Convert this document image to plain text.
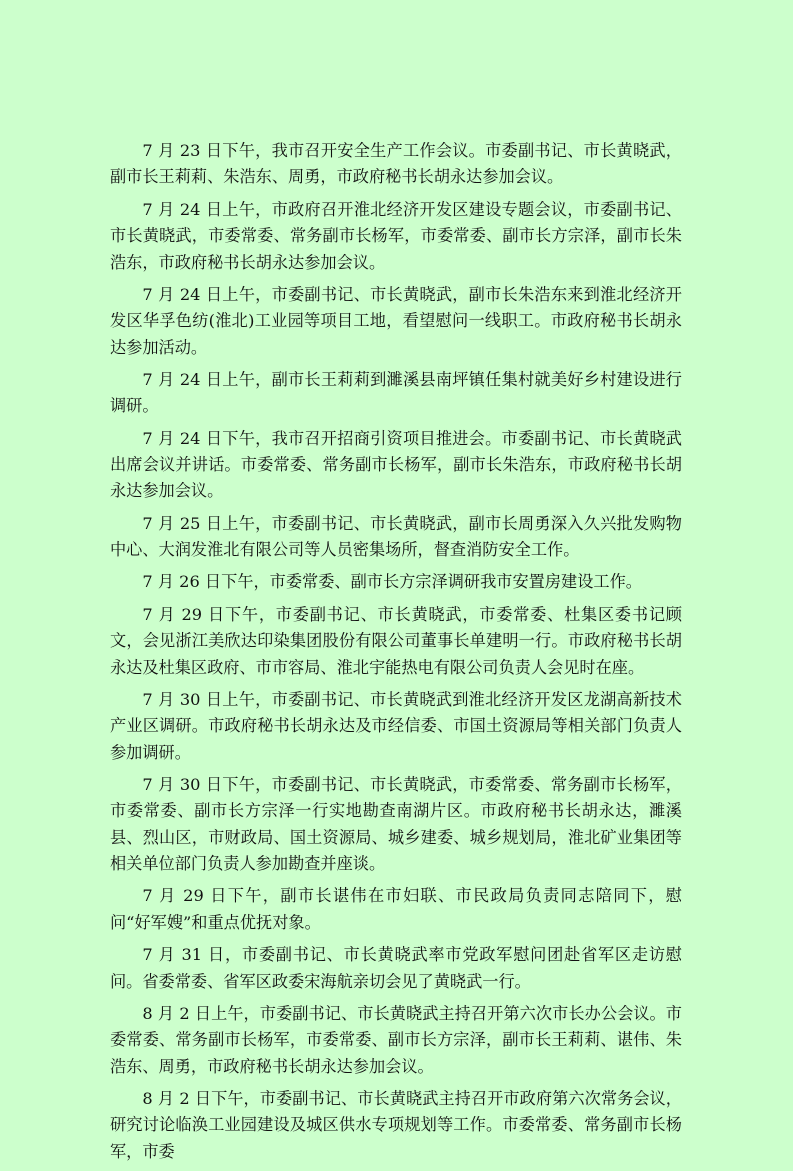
7 月 23 日下午，我市召开安全生产工作会议。市委副书记、市长黄晓武，副市长王莉莉、朱浩东、周勇，市政府秘书长胡永达参加会议。

7 月 24 日上午，市政府召开淮北经济开发区建设专题会议，市委副书记、市长黄晓武，市委常委、常务副市长杨军，市委常委、副市长方宗泽，副市长朱浩东，市政府秘书长胡永达参加会议。

7 月 24 日上午，市委副书记、市长黄晓武，副市长朱浩东来到淮北经济开发区华孚色纺(淮北)工业园等项目工地，看望慰问一线职工。市政府秘书长胡永达参加活动。

7 月 24 日上午，副市长王莉莉到濉溪县南坪镇任集村就美好乡村建设进行调研。

7 月 24 日下午，我市召开招商引资项目推进会。市委副书记、市长黄晓武出席会议并讲话。市委常委、常务副市长杨军，副市长朱浩东，市政府秘书长胡永达参加会议。

7 月 25 日上午，市委副书记、市长黄晓武，副市长周勇深入久兴批发购物中心、大润发淮北有限公司等人员密集场所，督查消防安全工作。

7 月 26 日下午，市委常委、副市长方宗泽调研我市安置房建设工作。

7 月 29 日下午，市委副书记、市长黄晓武，市委常委、杜集区委书记顾文，会见浙江美欣达印染集团股份有限公司董事长单建明一行。市政府秘书长胡永达及杜集区政府、市市容局、淮北宇能热电有限公司负责人会见时在座。

7 月 30 日上午，市委副书记、市长黄晓武到淮北经济开发区龙湖高新技术产业区调研。市政府秘书长胡永达及市经信委、市国土资源局等相关部门负责人参加调研。

7 月 30 日下午，市委副书记、市长黄晓武，市委常委、常务副市长杨军，市委常委、副市长方宗泽一行实地勘查南湖片区。市政府秘书长胡永达，濉溪县、烈山区，市财政局、国土资源局、城乡建委、城乡规划局，淮北矿业集团等相关单位部门负责人参加勘查并座谈。

7 月 29 日下午，副市长谌伟在市妇联、市民政局负责同志陪同下，慰问“好军嫂”和重点优抚对象。

7 月 31 日，市委副书记、市长黄晓武率市党政军慰问团赴省军区走访慰问。省委常委、省军区政委宋海航亲切会见了黄晓武一行。

8 月 2 日上午，市委副书记、市长黄晓武主持召开第六次市长办公会议。市委常委、常务副市长杨军，市委常委、副市长方宗泽，副市长王莉莉、谌伟、朱浩东、周勇，市政府秘书长胡永达参加会议。

8 月 2 日下午，市委副书记、市长黄晓武主持召开市政府第六次常务会议，研究讨论临涣工业园建设及城区供水专项规划等工作。市委常委、常务副市长杨军，市委
